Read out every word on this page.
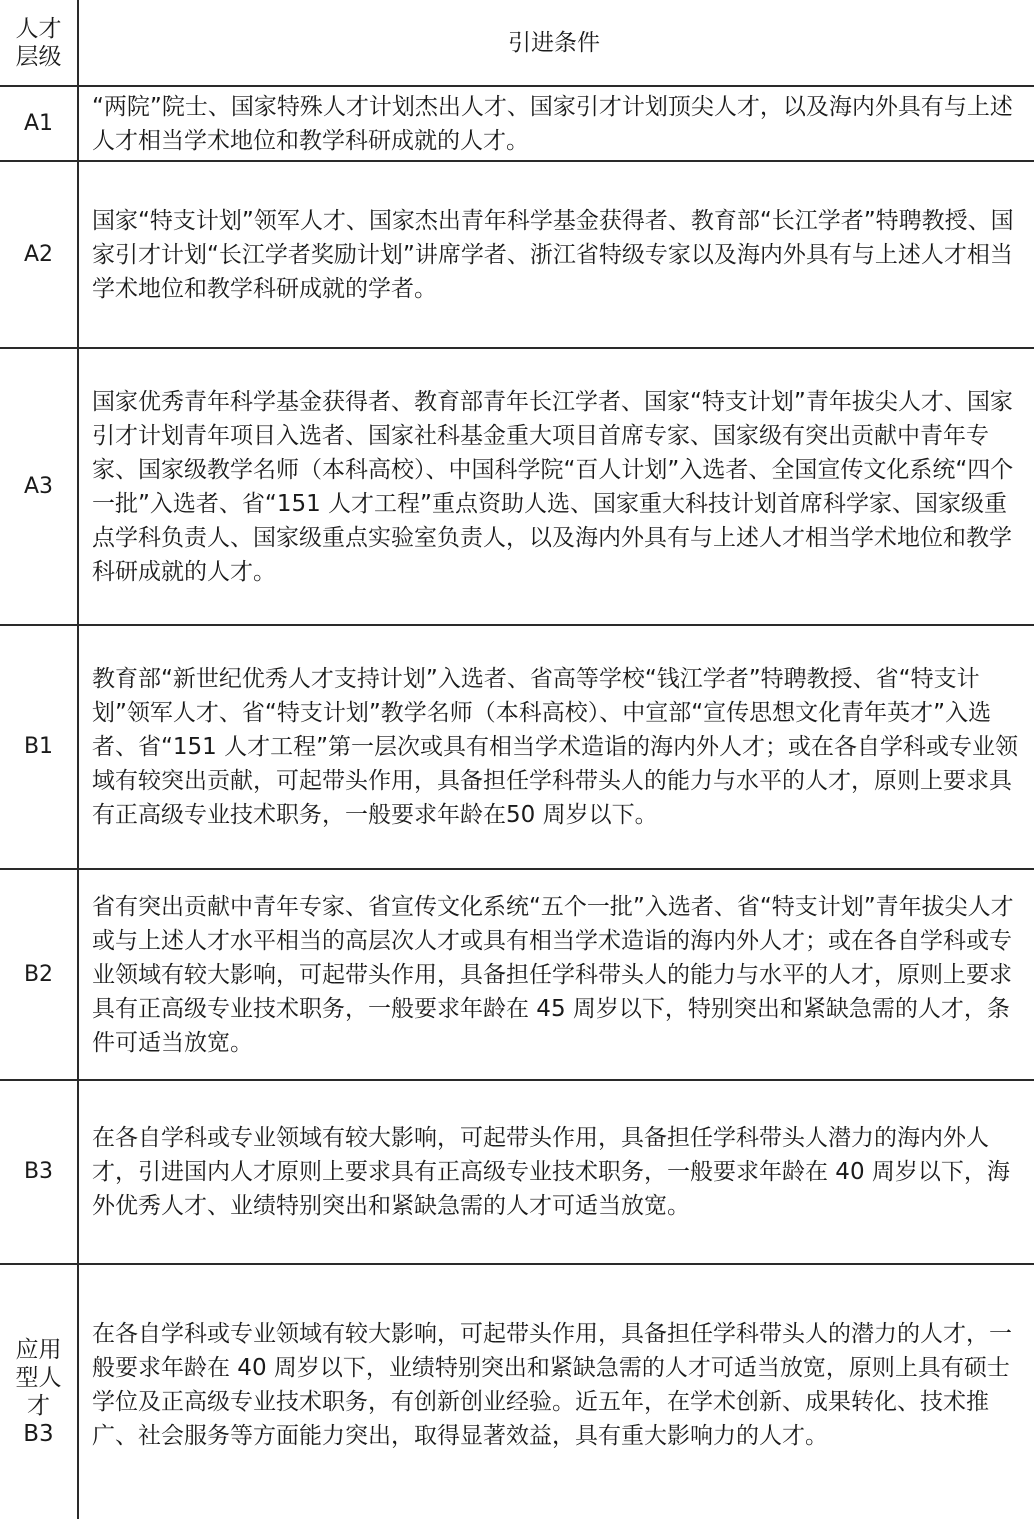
人才
层级
引进条件
A1
“两院”院士、国家特殊人才计划杰出人才、国家引才计划顶尖人才，以及海内外具有与上述人才相当学术地位和教学科研成就的人才。
A2
国家“特支计划”领军人才、国家杰出青年科学基金获得者、教育部“长江学者”特聘教授、国家引才计划“长江学者奖励计划”讲席学者、浙江省特级专家以及海内外具有与上述人才相当学术地位和教学科研成就的学者。
A3
国家优秀青年科学基金获得者、教育部青年长江学者、国家“特支计划”青年拔尖人才、国家引才计划青年项目入选者、国家社科基金重大项目首席专家、国家级有突出贡献中青年专家、国家级教学名师（本科高校）、中国科学院“百人计划”入选者、全国宣传文化系统“四个一批”入选者、省“151 人才工程”重点资助人选、国家重大科技计划首席科学家、国家级重点学科负责人、国家级重点实验室负责人，以及海内外具有与上述人才相当学术地位和教学科研成就的人才。
B1
教育部“新世纪优秀人才支持计划”入选者、省高等学校“钱江学者”特聘教授、省“特支计划”领军人才、省“特支计划”教学名师（本科高校）、中宣部“宣传思想文化青年英才”入选者、省“151 人才工程”第一层次或具有相当学术造诣的海内外人才；或在各自学科或专业领域有较突出贡献，可起带头作用，具备担任学科带头人的能力与水平的人才，原则上要求具有正高级专业技术职务，一般要求年龄在50 周岁以下。
B2
省有突出贡献中青年专家、省宣传文化系统“五个一批”入选者、省“特支计划”青年拔尖人才或与上述人才水平相当的高层次人才或具有相当学术造诣的海内外人才；或在各自学科或专业领域有较大影响，可起带头作用，具备担任学科带头人的能力与水平的人才，原则上要求具有正高级专业技术职务，一般要求年龄在 45 周岁以下，特别突出和紧缺急需的人才，条件可适当放宽。
B3
在各自学科或专业领域有较大影响，可起带头作用，具备担任学科带头人潜力的海内外人才，引进国内人才原则上要求具有正高级专业技术职务，一般要求年龄在 40 周岁以下，海外优秀人才、业绩特别突出和紧缺急需的人才可适当放宽。
应用
型人
才
B3
在各自学科或专业领域有较大影响，可起带头作用，具备担任学科带头人的潜力的人才，一般要求年龄在 40 周岁以下，业绩特别突出和紧缺急需的人才可适当放宽，原则上具有硕士学位及正高级专业技术职务，有创新创业经验。近五年，在学术创新、成果转化、技术推广、社会服务等方面能力突出，取得显著效益，具有重大影响力的人才。
